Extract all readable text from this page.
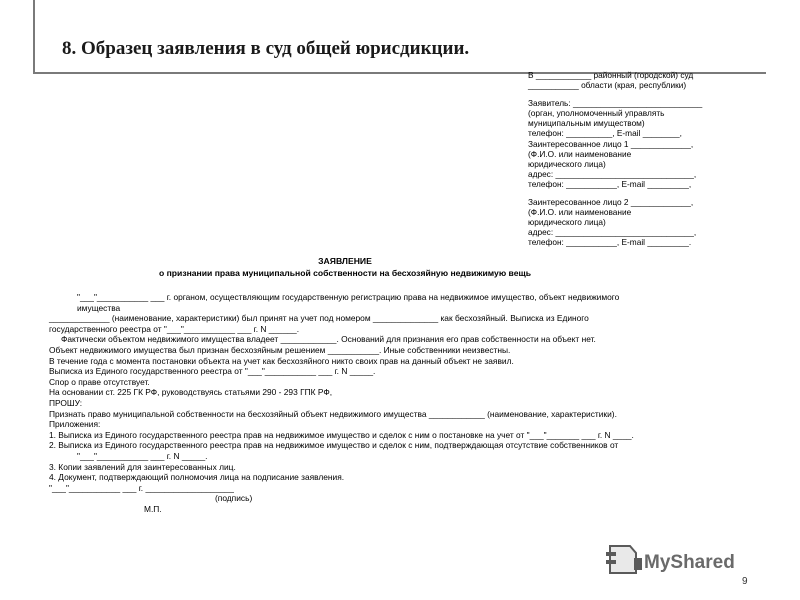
8. Образец заявления в суд общей юрисдикции.
В ____________ районный (городской) суд
___________ области (края, республики)
Заявитель: ____________________________
(орган, уполномоченный управлять
муниципальным имуществом)
телефон: __________, E-mail ________,
Заинтересованное лицо 1 _____________,
(Ф.И.О. или наименование
юридического лица)
адрес: ______________________________,
телефон: ___________, E-mail _________,
Заинтересованное лицо 2 _____________,
(Ф.И.О. или наименование
юридического лица)
адрес: ______________________________,
телефон: ___________, E-mail _________.
ЗАЯВЛЕНИЕ
о признании права муниципальной собственности на бесхозяйную недвижимую вещь
"___"___________ ___ г. органом, осуществляющим государственную регистрацию права на недвижимое имущество, объект недвижимого
имущества
_____________ (наименование, характеристики) был принят на учет под номером ______________ как бесхозяйный. Выписка из Единого
государственного реестра от "___"___________ ___ г. N ______.
Фактически объектом недвижимого имущества владеет ____________. Оснований для признания его прав собственности на объект нет.
Объект недвижимого имущества был признан бесхозяйным решением ___________. Иные собственники неизвестны.
В течение года с момента постановки объекта на учет как бесхозяйного никто своих прав на данный объект не заявил.
Выписка из Единого государственного реестра от "___"___________ ___ г. N _____.
Спор о праве отсутствует.
На основании ст. 225 ГК РФ, руководствуясь статьями 290 - 293 ГПК РФ,
ПРОШУ:
Признать право муниципальной собственности на бесхозяйный объект недвижимого имущества ____________ (наименование, характеристики).
Приложения:
1. Выписка из Единого государственного реестра прав на недвижимое имущество и сделок с ним о постановке на учет от "___"_______ ___ г. N ____.
2. Выписка из Единого государственного реестра прав на недвижимое имущество и сделок с ним, подтверждающая отсутствие собственников от
"___"___________ ___ г. N _____.
3. Копии заявлений для заинтересованных лиц.
4. Документ, подтверждающий полномочия лица на подписание заявления.
"___"___________ ___ г. ___________________
(подпись)
М.П.
MyShared
9
